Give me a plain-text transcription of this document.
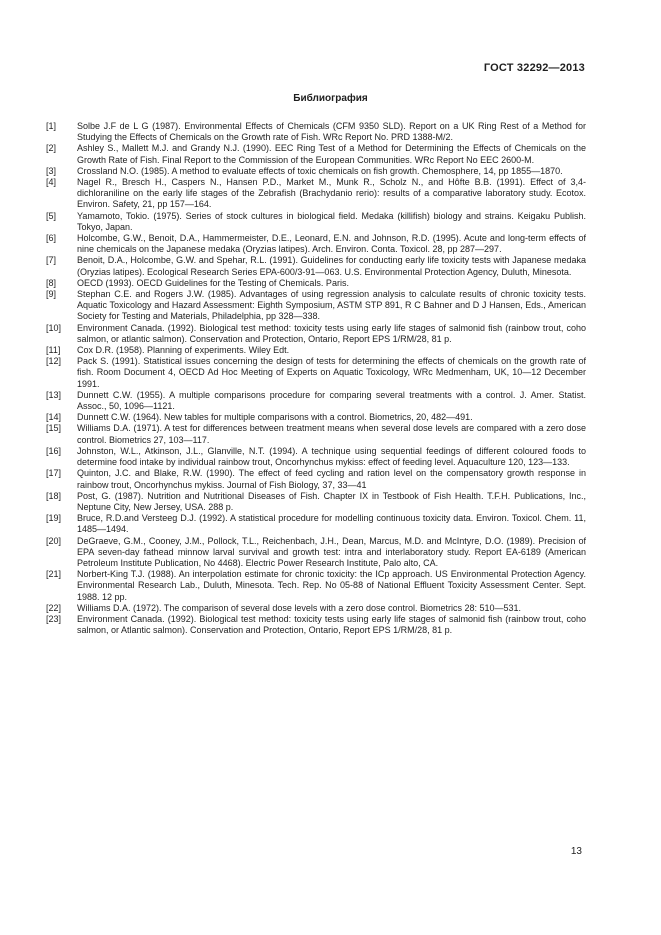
ГОСТ 32292—2013
Библиография
[1]	Solbe J.F de L G (1987). Environmental Effects of Chemicals (CFM 9350 SLD). Report on a UK Ring Rest of a Method for Studying the Effects of Chemicals on the Growth rate of Fish. WRc Report No. PRD 1388-M/2.
[2]	Ashley S., Mallett M.J. and Grandy N.J. (1990). EEC Ring Test of a Method for Determining the Effects of Chemicals on the Growth Rate of Fish. Final Report to the Commission of the European Communities. WRc Report No EEC 2600-M.
[3]	Crossland N.O. (1985). A method to evaluate effects of toxic chemicals on fish growth. Chemosphere, 14, pp 1855—1870.
[4]	Nagel R., Bresch H., Caspers N., Hansen P.D., Market M., Munk R., Scholz N., and Hôfte B.B. (1991). Effect of 3,4-dichloraniline on the early life stages of the Zebrafish (Brachydanio rerio): results of a comparative laboratory study. Ecotox. Environ. Safety, 21, pp 157—164.
[5]	Yamamoto, Tokio. (1975). Series of stock cultures in biological field. Medaka (killifish) biology and strains. Keigaku Publish. Tokyo, Japan.
[6]	Holcombe, G.W., Benoit, D.A., Hammermeister, D.E., Leonard, E.N. and Johnson, R.D. (1995). Acute and long-term effects of nine chemicals on the Japanese medaka (Oryzias latipes). Arch. Environ. Conta. Toxicol. 28, pp 287—297.
[7]	Benoit, D.A., Holcombe, G.W. and Spehar, R.L. (1991). Guidelines for conducting early life toxicity tests with Japanese medaka (Oryzias latipes). Ecological Research Series EPA-600/3-91—063. U.S. Environmental Protection Agency, Duluth, Minesota.
[8]	OECD (1993). OECD Guidelines for the Testing of Chemicals. Paris.
[9]	Stephan C.E. and Rogers J.W. (1985). Advantages of using regression analysis to calculate results of chronic toxicity tests. Aquatic Toxicology and Hazard Assessment: Eighth Symposium, ASTM STP 891, R C Bahner and D J Hansen, Eds., American Society for Testing and Materials, Philadelphia, pp 328—338.
[10]	Environment Canada. (1992). Biological test method: toxicity tests using early life stages of salmonid fish (rainbow trout, coho salmon, or atlantic salmon). Conservation and Protection, Ontario, Report EPS 1/RM/28, 81 p.
[11]	Cox D.R. (1958). Planning of experiments. Wiley Edt.
[12]	Pack S. (1991). Statistical issues concerning the design of tests for determining the effects of chemicals on the growth rate of fish. Room Document 4, OECD Ad Hoc Meeting of Experts on Aquatic Toxicology, WRc Medmenham, UK, 10—12 December 1991.
[13]	Dunnett C.W. (1955). A multiple comparisons procedure for comparing several treatments with a control. J. Amer. Statist. Assoc., 50, 1096—1121.
[14]	Dunnett C.W. (1964). New tables for multiple comparisons with a control. Biometrics, 20, 482—491.
[15]	Williams D.A. (1971). A test for differences between treatment means when several dose levels are compared with a zero dose control. Biometrics 27, 103—117.
[16]	Johnston, W.L., Atkinson, J.L., Glanville, N.T. (1994). A technique using sequential feedings of different coloured foods to determine food intake by individual rainbow trout, Oncorhynchus mykiss: effect of feeding level. Aquaculture 120, 123—133.
[17]	Quinton, J.C. and Blake, R.W. (1990). The effect of feed cycling and ration level on the compensatory growth response in rainbow trout, Oncorhynchus mykiss. Journal of Fish Biology, 37, 33—41
[18]	Post, G. (1987). Nutrition and Nutritional Diseases of Fish. Chapter IX in Testbook of Fish Health. T.F.H. Publications, Inc., Neptune City, New Jersey, USA. 288 p.
[19]	Bruce, R.D.and Versteeg D.J. (1992). A statistical procedure for modelling continuous toxicity data. Environ. Toxicol. Chem. 11, 1485—1494.
[20]	DeGraeve, G.M., Cooney, J.M., Pollock, T.L., Reichenbach, J.H., Dean, Marcus, M.D. and McIntyre, D.O. (1989). Precision of EPA seven-day fathead minnow larval survival and growth test: intra and interlaboratory study. Report EA-6189 (American Petroleum Institute Publication, No 4468). Electric Power Research Institute, Palo alto, CA.
[21]	Norbert-King T.J. (1988). An interpolation estimate for chronic toxicity: the ICp approach. US Environmental Protection Agency. Environmental Research Lab., Duluth, Minesota. Tech. Rep. No 05-88 of National Effluent Toxicity Assessment Center. Sept. 1988. 12 pp.
[22]	Williams D.A. (1972). The comparison of several dose levels with a zero dose control. Biometrics 28: 510—531.
[23]	Environment Canada. (1992). Biological test method: toxicity tests using early life stages of salmonid fish (rainbow trout, coho salmon, or Atlantic salmon). Conservation and Protection, Ontario, Report EPS 1/RM/28, 81 p.
13
